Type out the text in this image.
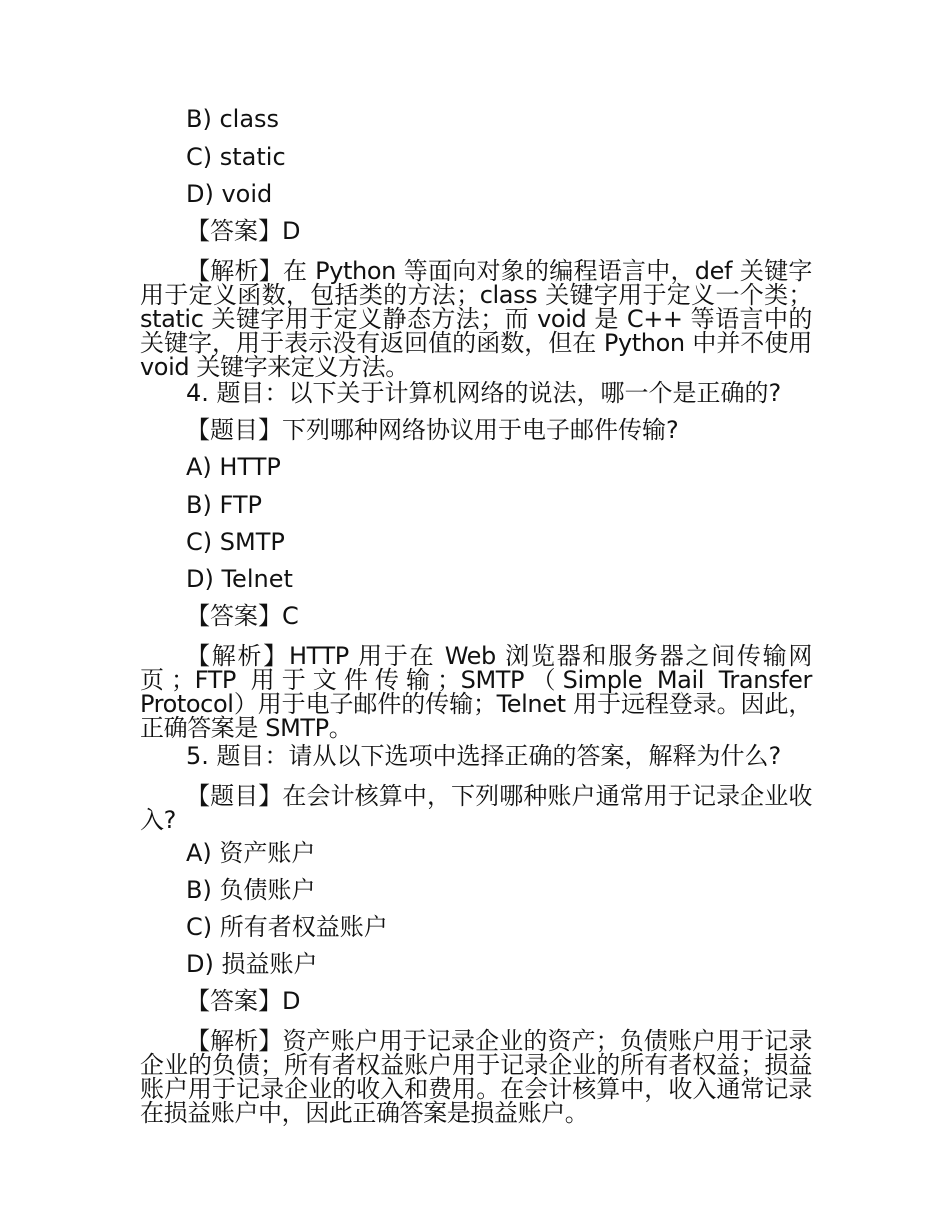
B) class
C) static
D) void
【答案】D
【解析】在 Python 等面向对象的编程语言中，def 关键字用于定义函数，包括类的方法；class 关键字用于定义一个类；static 关键字用于定义静态方法；而 void 是 C++ 等语言中的关键字，用于表示没有返回值的函数，但在 Python 中并不使用 void 关键字来定义方法。
4. 题目：以下关于计算机网络的说法，哪一个是正确的?
【题目】下列哪种网络协议用于电子邮件传输?
A) HTTP
B) FTP
C) SMTP
D) Telnet
【答案】C
【解析】HTTP 用于在 Web 浏览器和服务器之间传输网页；FTP 用于文件传输；SMTP（Simple Mail Transfer Protocol）用于电子邮件的传输；Telnet 用于远程登录。因此，正确答案是 SMTP。
5. 题目：请从以下选项中选择正确的答案，解释为什么?
【题目】在会计核算中，下列哪种账户通常用于记录企业收入?
A) 资产账户
B) 负债账户
C) 所有者权益账户
D) 损益账户
【答案】D
【解析】资产账户用于记录企业的资产；负债账户用于记录企业的负债；所有者权益账户用于记录企业的所有者权益；损益账户用于记录企业的收入和费用。在会计核算中，收入通常记录在损益账户中，因此正确答案是损益账户。
